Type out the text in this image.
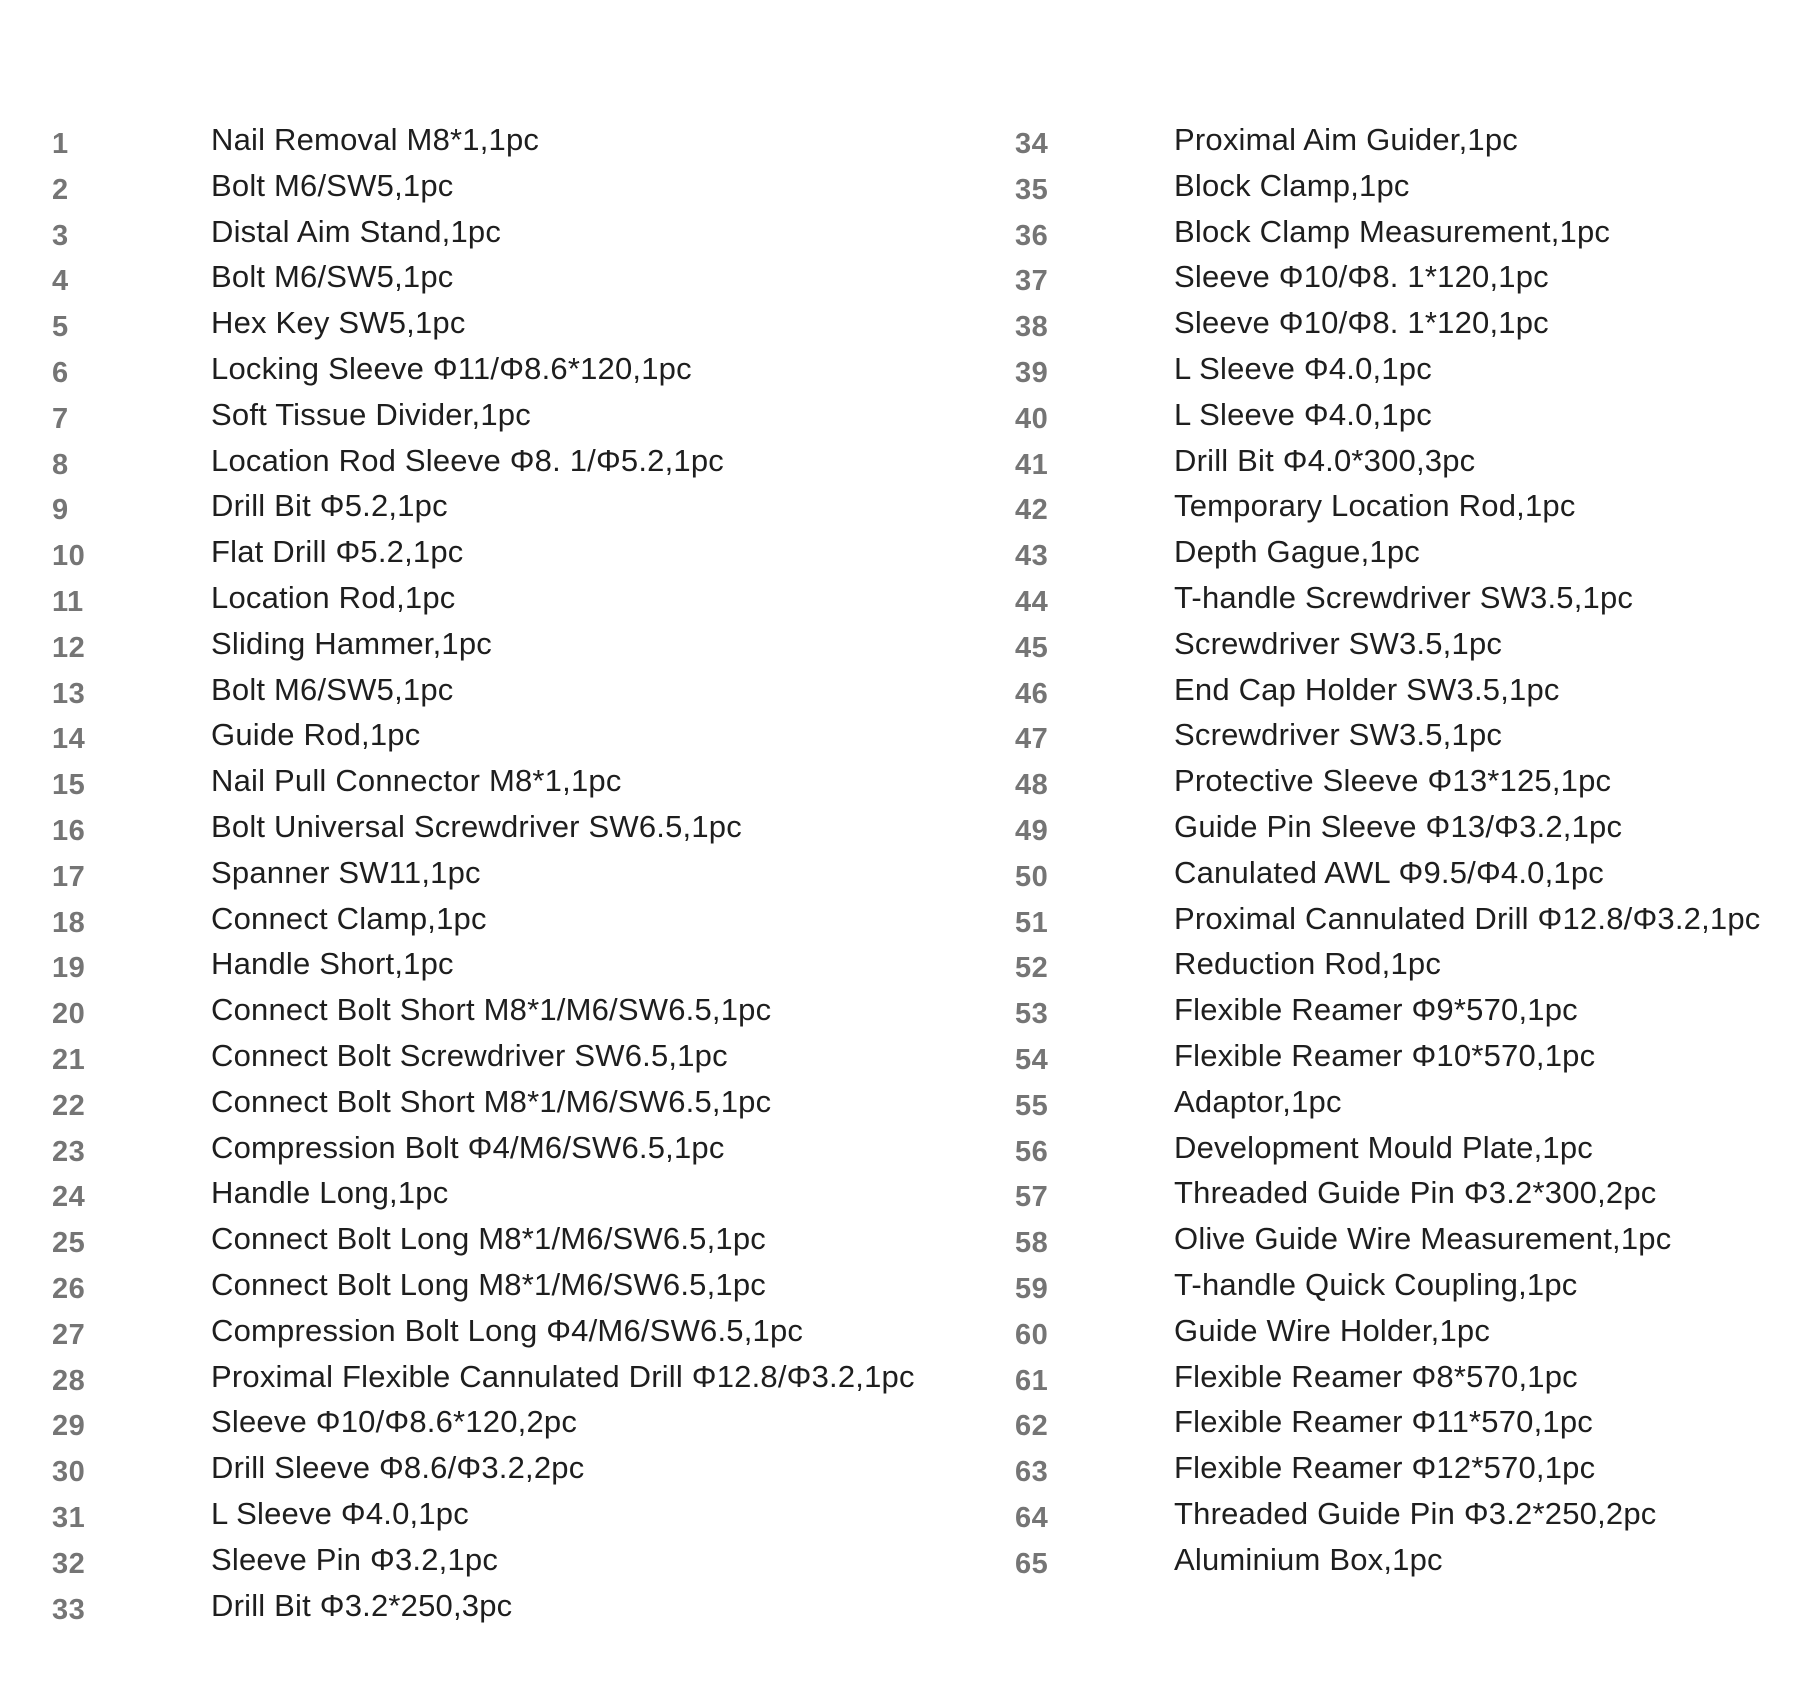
1	Nail Removal M8*1,1pc
2	Bolt M6/SW5,1pc
3	Distal Aim Stand,1pc
4	Bolt M6/SW5,1pc
5	Hex Key SW5,1pc
6	Locking Sleeve Φ11/Φ8.6*120,1pc
7	Soft Tissue Divider,1pc
8	Location Rod Sleeve Φ8. 1/Φ5.2,1pc
9	Drill Bit Φ5.2,1pc
10	Flat Drill Φ5.2,1pc
11	Location Rod,1pc
12	Sliding Hammer,1pc
13	Bolt M6/SW5,1pc
14	Guide Rod,1pc
15	Nail Pull Connector M8*1,1pc
16	Bolt Universal Screwdriver SW6.5,1pc
17	Spanner SW11,1pc
18	Connect Clamp,1pc
19	Handle Short,1pc
20	Connect Bolt Short M8*1/M6/SW6.5,1pc
21	Connect Bolt Screwdriver SW6.5,1pc
22	Connect Bolt Short M8*1/M6/SW6.5,1pc
23	Compression Bolt Φ4/M6/SW6.5,1pc
24	Handle Long,1pc
25	Connect Bolt Long M8*1/M6/SW6.5,1pc
26	Connect Bolt Long M8*1/M6/SW6.5,1pc
27	Compression Bolt Long Φ4/M6/SW6.5,1pc
28	Proximal Flexible Cannulated Drill Φ12.8/Φ3.2,1pc
29	Sleeve Φ10/Φ8.6*120,2pc
30	Drill Sleeve Φ8.6/Φ3.2,2pc
31	L Sleeve Φ4.0,1pc
32	Sleeve Pin Φ3.2,1pc
33	Drill Bit Φ3.2*250,3pc
34	Proximal Aim Guider,1pc
35	Block Clamp,1pc
36	Block Clamp Measurement,1pc
37	Sleeve Φ10/Φ8. 1*120,1pc
38	Sleeve Φ10/Φ8. 1*120,1pc
39	L Sleeve Φ4.0,1pc
40	L Sleeve Φ4.0,1pc
41	Drill Bit Φ4.0*300,3pc
42	Temporary Location Rod,1pc
43	Depth Gague,1pc
44	T-handle Screwdriver SW3.5,1pc
45	Screwdriver SW3.5,1pc
46	End Cap Holder SW3.5,1pc
47	Screwdriver SW3.5,1pc
48	Protective Sleeve Φ13*125,1pc
49	Guide Pin Sleeve Φ13/Φ3.2,1pc
50	Canulated AWL Φ9.5/Φ4.0,1pc
51	Proximal Cannulated Drill Φ12.8/Φ3.2,1pc
52	Reduction Rod,1pc
53	Flexible Reamer Φ9*570,1pc
54	Flexible Reamer Φ10*570,1pc
55	Adaptor,1pc
56	Development Mould Plate,1pc
57	Threaded Guide Pin Φ3.2*300,2pc
58	Olive Guide Wire Measurement,1pc
59	T-handle Quick Coupling,1pc
60	Guide Wire Holder,1pc
61	Flexible Reamer Φ8*570,1pc
62	Flexible Reamer Φ11*570,1pc
63	Flexible Reamer Φ12*570,1pc
64	Threaded Guide Pin Φ3.2*250,2pc
65	Aluminium Box,1pc
